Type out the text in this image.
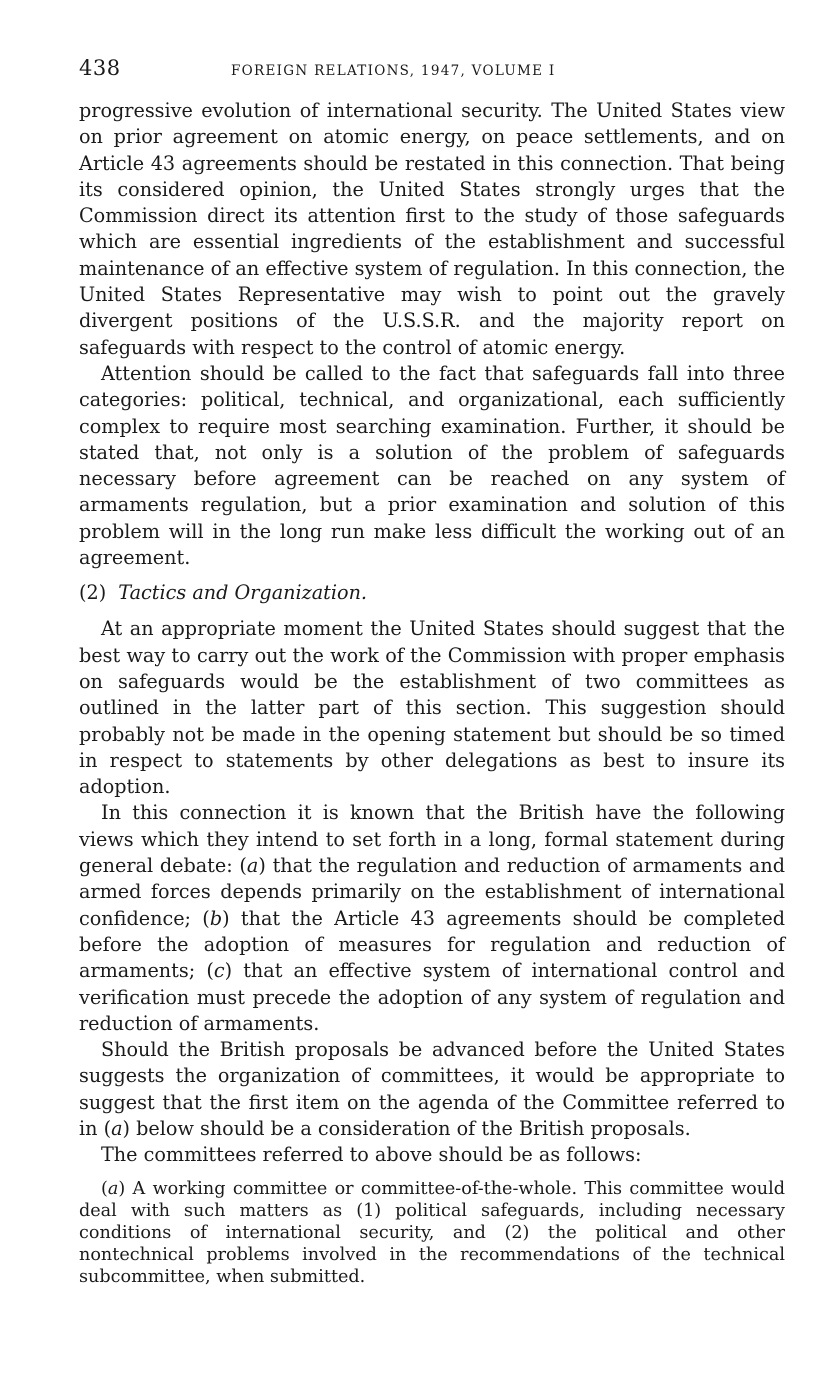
438	FOREIGN RELATIONS, 1947, VOLUME I

progressive evolution of international security. The United States view on prior agreement on atomic energy, on peace settlements, and on Article 43 agreements should be restated in this connection. That being its considered opinion, the United States strongly urges that the Commission direct its attention first to the study of those safeguards which are essential ingredients of the establishment and successful maintenance of an effective system of regulation. In this connection, the United States Representative may wish to point out the gravely divergent positions of the U.S.S.R. and the majority report on safeguards with respect to the control of atomic energy.

Attention should be called to the fact that safeguards fall into three categories: political, technical, and organizational, each sufficiently complex to require most searching examination. Further, it should be stated that, not only is a solution of the problem of safeguards necessary before agreement can be reached on any system of armaments regulation, but a prior examination and solution of this problem will in the long run make less difficult the working out of an agreement.

(2) Tactics and Organization.

At an appropriate moment the United States should suggest that the best way to carry out the work of the Commission with proper emphasis on safeguards would be the establishment of two committees as outlined in the latter part of this section. This suggestion should probably not be made in the opening statement but should be so timed in respect to statements by other delegations as best to insure its adoption.

In this connection it is known that the British have the following views which they intend to set forth in a long, formal statement during general debate: (a) that the regulation and reduction of armaments and armed forces depends primarily on the establishment of international confidence; (b) that the Article 43 agreements should be completed before the adoption of measures for regulation and reduction of armaments; (c) that an effective system of international control and verification must precede the adoption of any system of regulation and reduction of armaments.

Should the British proposals be advanced before the United States suggests the organization of committees, it would be appropriate to suggest that the first item on the agenda of the Committee referred to in (a) below should be a consideration of the British proposals.

The committees referred to above should be as follows:

(a) A working committee or committee-of-the-whole. This committee would deal with such matters as (1) political safeguards, including necessary conditions of international security, and (2) the political and other nontechnical problems involved in the recommendations of the technical subcommittee, when submitted.
